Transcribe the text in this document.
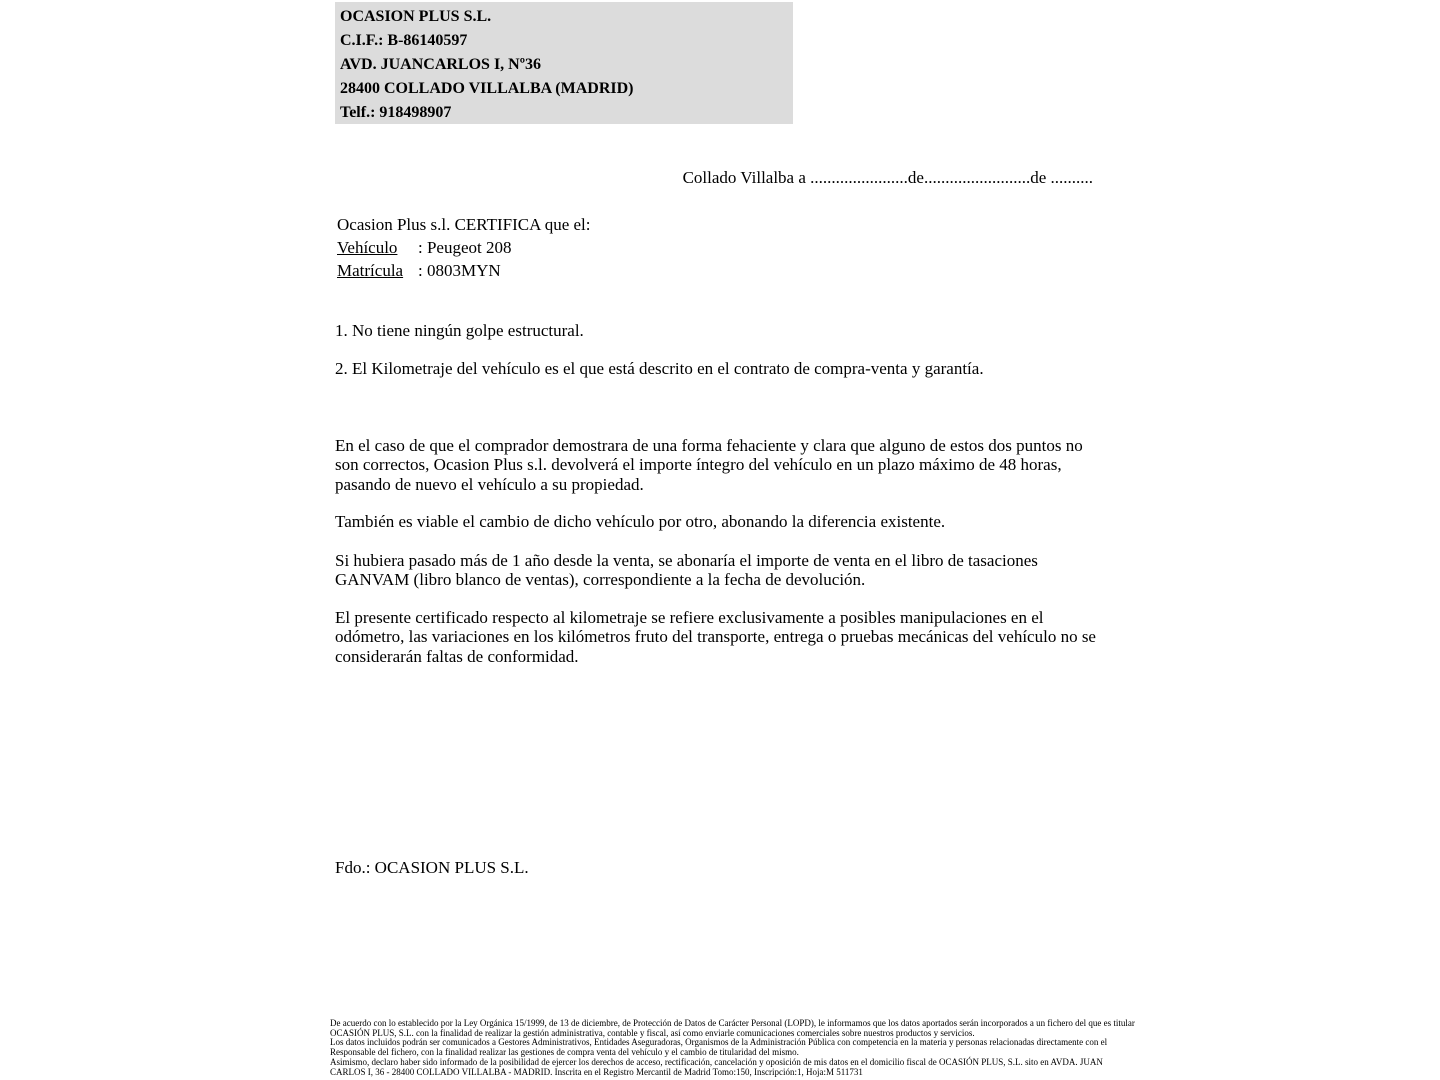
OCASION PLUS S.L.
C.I.F.: B-86140597
AVD. JUANCARLOS I, Nº36
28400 COLLADO VILLALBA (MADRID)
Telf.: 918498907
Collado Villalba a .......................de.........................de ..........
Ocasion Plus s.l. CERTIFICA que el:
Vehículo : Peugeot 208
Matrícula : 0803MYN
1. No tiene ningún golpe estructural.
2. El Kilometraje del vehículo es el que está descrito en el contrato de compra-venta y garantía.
En el caso de que el comprador demostrara de una forma fehaciente y clara que alguno de estos dos puntos no son correctos, Ocasion Plus s.l. devolverá el importe íntegro del vehículo en un plazo máximo de 48 horas, pasando de nuevo el vehículo a su propiedad.
También es viable el cambio de dicho vehículo por otro, abonando la diferencia existente.
Si hubiera pasado más de 1 año desde la venta, se abonaría el importe de venta en el libro de tasaciones GANVAM (libro blanco de ventas), correspondiente a la fecha de devolución.
El presente certificado respecto al kilometraje se refiere exclusivamente a posibles manipulaciones en el odómetro, las variaciones en los kilómetros fruto del transporte, entrega o pruebas mecánicas del vehículo no se considerarán faltas de conformidad.
Fdo.: OCASION PLUS S.L.
De acuerdo con lo establecido por la Ley Orgánica 15/1999, de 13 de diciembre, de Protección de Datos de Carácter Personal (LOPD), le informamos que los datos aportados serán incorporados a un fichero del que es titular
OCASIÓN PLUS, S.L. con la finalidad de realizar la gestión administrativa, contable y fiscal, así como enviarle comunicaciones comerciales sobre nuestros productos y servicios.
Los datos incluidos podrán ser comunicados a Gestores Administrativos, Entidades Aseguradoras, Organismos de la Administración Pública con competencia en la materia y personas relacionadas directamente con el
Responsable del fichero, con la finalidad realizar las gestiones de compra venta del vehículo y el cambio de titularidad del mismo.
Asimismo, declaro haber sido informado de la posibilidad de ejercer los derechos de acceso, rectificación, cancelación y oposición de mis datos en el domicilio fiscal de OCASIÓN PLUS, S.L. sito en AVDA. JUAN
CARLOS I, 36 - 28400 COLLADO VILLALBA - MADRID. Inscrita en el Registro Mercantil de Madrid Tomo:150, Inscripción:1, Hoja:M 511731
